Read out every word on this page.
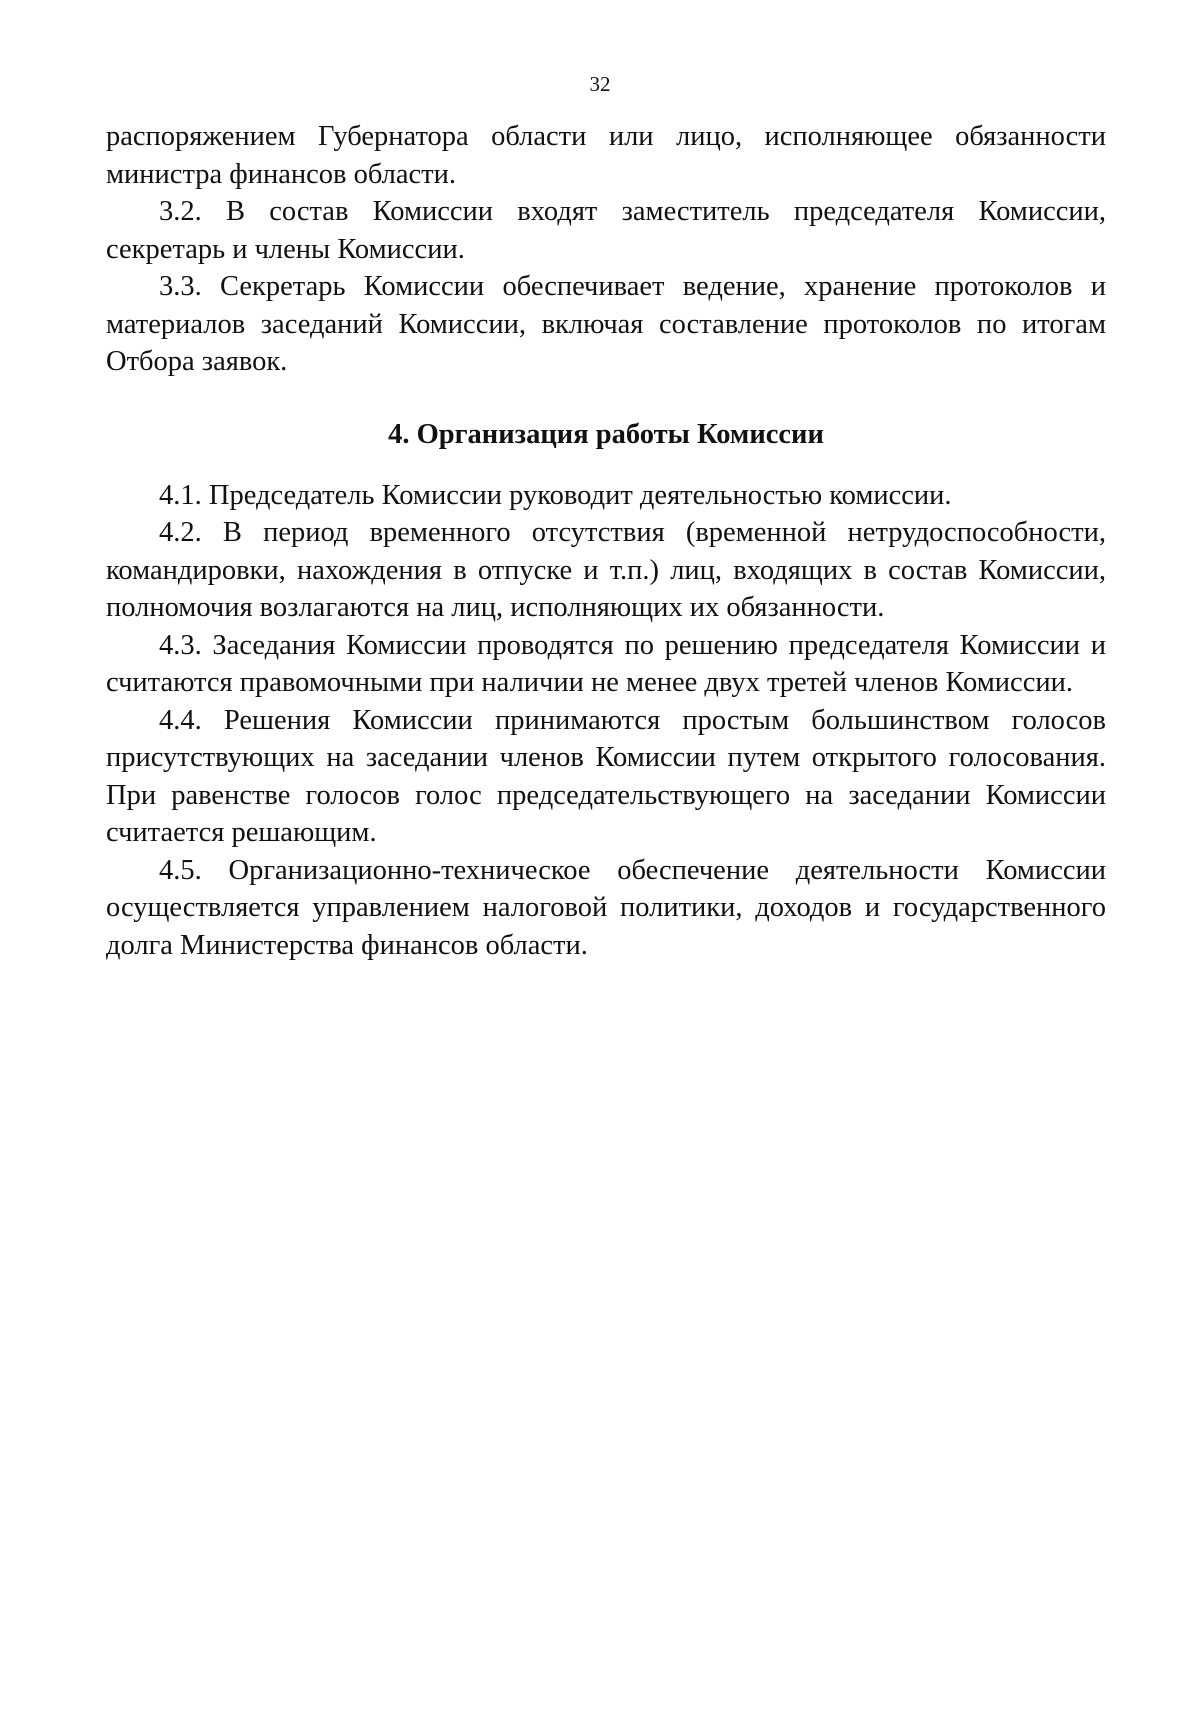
32

распоряжением Губернатора области или лицо, исполняющее обязанности министра финансов области.

3.2. В состав Комиссии входят заместитель председателя Комиссии, секретарь и члены Комиссии.

3.3. Секретарь Комиссии обеспечивает ведение, хранение протоколов и материалов заседаний Комиссии, включая составление протоколов по итогам Отбора заявок.

4. Организация работы Комиссии

4.1. Председатель Комиссии руководит деятельностью комиссии.

4.2. В период временного отсутствия (временной нетрудоспособности, командировки, нахождения в отпуске и т.п.) лиц, входящих в состав Комиссии, полномочия возлагаются на лиц, исполняющих их обязанности.

4.3. Заседания Комиссии проводятся по решению председателя Комиссии и считаются правомочными при наличии не менее двух третей членов Комиссии.

4.4. Решения Комиссии принимаются простым большинством голосов присутствующих на заседании членов Комиссии путем открытого голосования. При равенстве голосов голос председательствующего на заседании Комиссии считается решающим.

4.5. Организационно-техническое обеспечение деятельности Комиссии осуществляется управлением налоговой политики, доходов и государственного долга Министерства финансов области.
